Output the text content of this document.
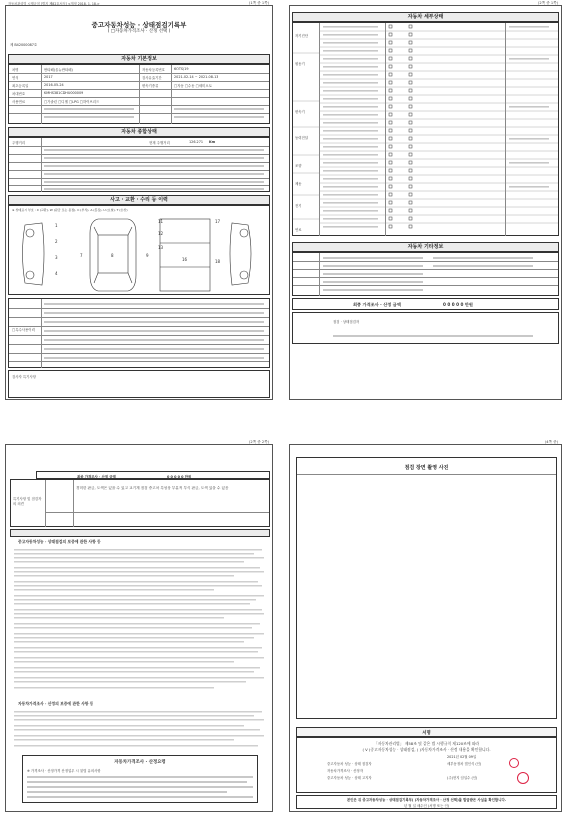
자동차관리법 시행규칙 [별지 제82호서식] <개정 2018. 1. 18.>	(1쪽 중 1쪽)
중고자동차성능 · 상태점검기록부
( □자동차가격조사 · 산정 선택 )
제 B42000087호
자동차 기본정보
차명	싼타페(올뉴싼타페)	자동차등록번호	6OTS/19
연식	2017	검사유효기간	2021-02-14 ~ 2021-08-13
최초등록일	2016-05-24	변속기종류	□자동 □수동 □세미오토
차대번호	KMHS381CDHU000009
사용연료	□가솔린 □디젤 □LPG □하이브리드
자동차 종합상태
주행거리	현재 주행거리	126.271 Km
사고 · 교환 · 수리 등 이력
※ 상태표시 부호 : X (교환), W (판금 또는 용접), C (부식), A (흠집), U (요철), T (손상)
1
2
3
4
7	8	9
11
12
13
16
17
18
□특수사용이력
검사자 특기사항
(2쪽 중 1쪽)
자동차 세부상태
자기진단
원동기
변속기
동력전달
조향
제동
전기
연료
자동차 기타정보
최종 가격조사 · 산정 금액	0 0 0 0 0 만원
점검 · 상태점검자
(2쪽 중 2쪽)
최종 가격조사 · 산정 금액	0 0 0 0 0 만원
특기사항 및 점검자의 의견
경미한 판금, 도색은 있을 수 있고 교기계 점검 중고차 특성상 부분적 부식 판금, 도색 있을 수 있음
중고자동차성능 · 상태점검의 보증에 관한 사항 등
자동차가격조사 · 산정의 보증에 관한 사항 등
자동차가격조사 · 산정요령
※ 가격조사 · 산정가격 산정업무 시 불법 유의사항
(4쪽 중)
점검 장면 촬영 사진
서명
「자동차관리법」 제58조 및 같은 법 시행규칙 제120조에 따라
( V )중고자동차성능 · 상태점검, ( )자동차가격조사 · 산정 내용을 확인합니다.
2021년 02월 09일
중고자동차 성능 · 상태 점검자	세부동정차 법인식 (인)
자동차가격조사 · 산정자
중고자동차 성능 · 상태 고지자	(주)현지 임일수 (인)
본인은 위 중고자동차성능 · 상태점검기록부( )자동차가격조사 · 산정 선택)를 발급받은 사실을 확인합니다.
년 월 일 매수인 (서명 또는 인)
